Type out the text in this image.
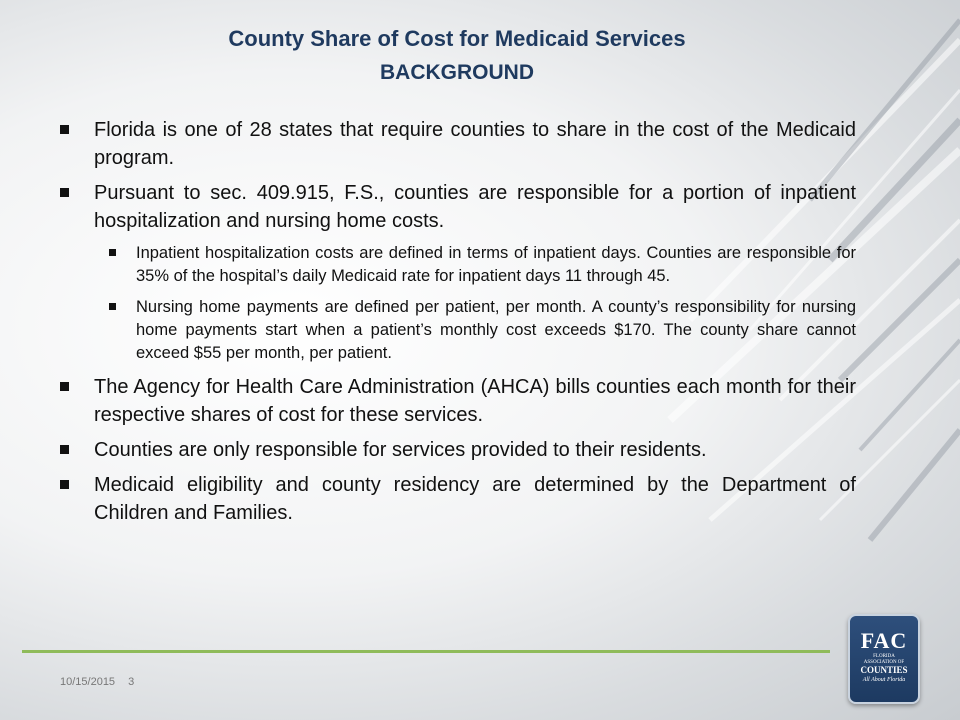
County Share of Cost for Medicaid Services
BACKGROUND
Florida is one of 28 states that require counties to share in the cost of the Medicaid program.
Pursuant to sec. 409.915, F.S., counties are responsible for a portion of inpatient hospitalization and nursing home costs.
Inpatient hospitalization costs are defined in terms of inpatient days. Counties are responsible for 35% of the hospital’s daily Medicaid rate for inpatient days 11 through 45.
Nursing home payments are defined per patient, per month. A county’s responsibility for nursing home payments start when a patient’s monthly cost exceeds $170. The county share cannot exceed $55 per month, per patient.
The Agency for Health Care Administration (AHCA) bills counties each month for their respective shares of cost for these services.
Counties are only responsible for services provided to their residents.
Medicaid eligibility and county residency are determined by the Department of Children and Families.
10/15/2015 3
FAC
FLORIDA
ASSOCIATION OF
COUNTIES
All About Florida
